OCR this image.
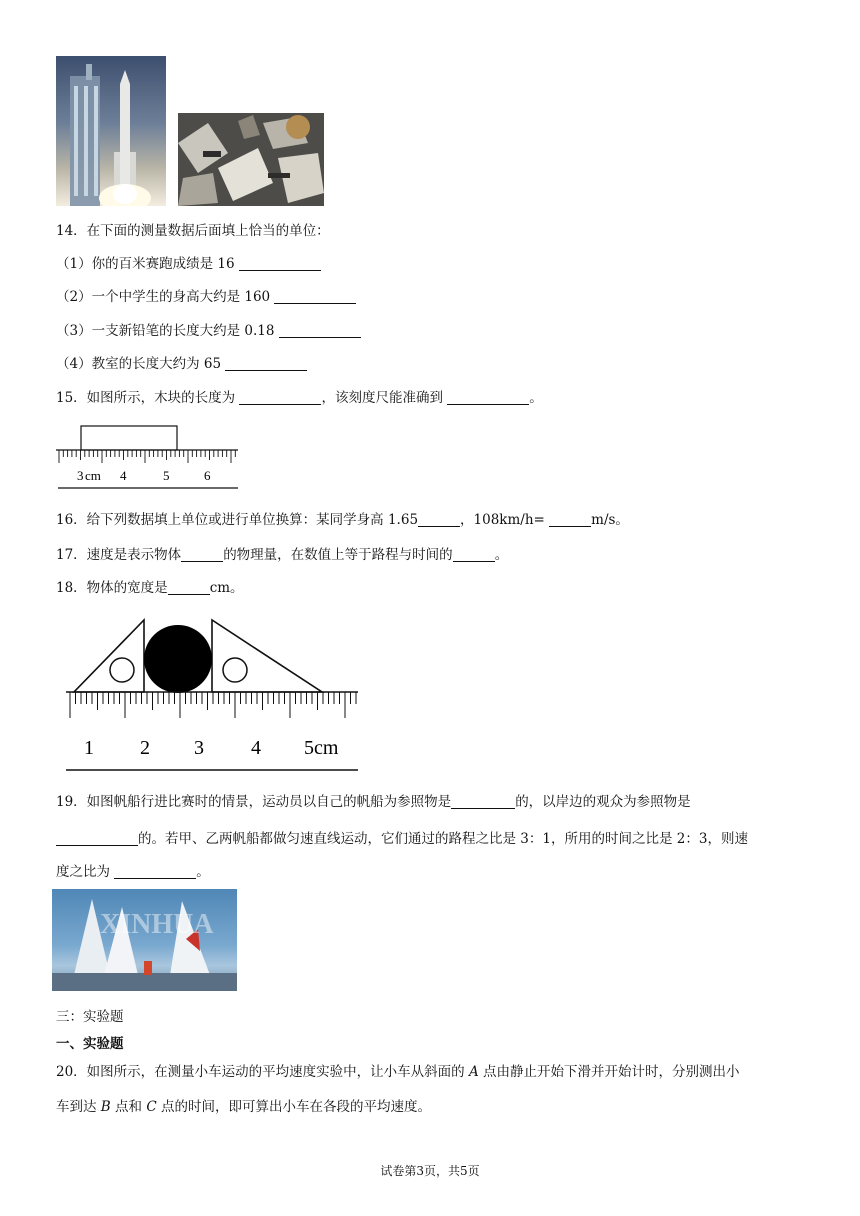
14．在下面的测量数据后面填上恰当的单位：
（1）你的百米赛跑成绩是 16
（2）一个中学生的身高大约是 160
（3）一支新铅笔的长度大约是 0.18
（4）教室的长度大约为 65
15．如图所示，木块的长度为	，该刻度尺能准确到	。
3 cm 4	5	6
16．给下列数据填上单位或进行单位换算：某同学身高 1.65	，108km/h=	m/s。
17．速度是表示物体	的物理量，在数值上等于路程与时间的	。
18．物体的宽度是	cm。
1 2 3 4 5cm
19．如图帆船行进比赛时的情景，运动员以自己的帆船为参照物是	的，以岸边的观众为参照物是
的。若甲、乙两帆船都做匀速直线运动，它们通过的路程之比是 3：1，所用的时间之比是 2：3，则速
度之比为	。
XINHUA
三：实验题
一、实验题
20．如图所示，在测量小车运动的平均速度实验中，让小车从斜面的 A 点由静止开始下滑并开始计时，分别测出小
车到达 B 点和 C 点的时间，即可算出小车在各段的平均速度。
试卷第3页，共5页
